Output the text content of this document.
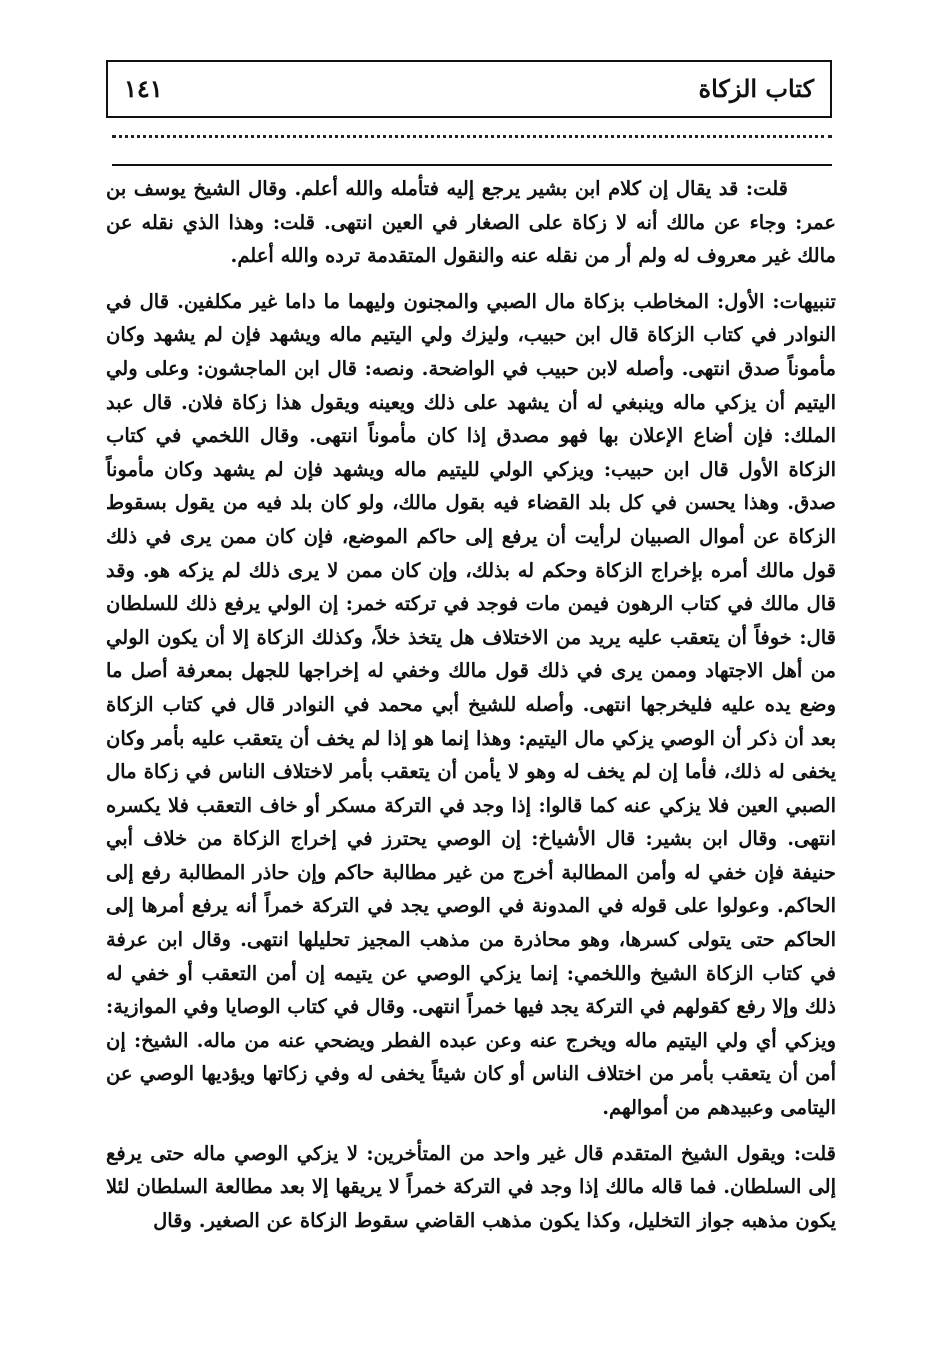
كتاب الزكاة
١٤١

قلت: قد يقال إن كلام ابن بشير يرجع إليه فتأمله والله أعلم. وقال الشيخ يوسف بن عمر: وجاء عن مالك أنه لا زكاة على الصغار في العين انتهى. قلت: وهذا الذي نقله عن مالك غير معروف له ولم أر من نقله عنه والنقول المتقدمة ترده والله أعلم.

تنبيهات: الأول: المخاطب بزكاة مال الصبي والمجنون وليهما ما داما غير مكلفين. قال في النوادر في كتاب الزكاة قال ابن حبيب، وليزك ولي اليتيم ماله ويشهد فإن لم يشهد وكان مأموناً صدق انتهى. وأصله لابن حبيب في الواضحة. ونصه: قال ابن الماجشون: وعلى ولي اليتيم أن يزكي ماله وينبغي له أن يشهد على ذلك ويعينه ويقول هذا زكاة فلان. قال عبد الملك: فإن أضاع الإعلان بها فهو مصدق إذا كان مأموناً انتهى. وقال اللخمي في كتاب الزكاة الأول قال ابن حبيب: ويزكي الولي لليتيم ماله ويشهد فإن لم يشهد وكان مأموناً صدق. وهذا يحسن في كل بلد القضاء فيه بقول مالك، ولو كان بلد فيه من يقول بسقوط الزكاة عن أموال الصبيان لرأيت أن يرفع إلى حاكم الموضع، فإن كان ممن يرى في ذلك قول مالك أمره بإخراج الزكاة وحكم له بذلك، وإن كان ممن لا يرى ذلك لم يزكه هو. وقد قال مالك في كتاب الرهون فيمن مات فوجد في تركته خمر: إن الولي يرفع ذلك للسلطان قال: خوفاً أن يتعقب عليه يريد من الاختلاف هل يتخذ خلاً، وكذلك الزكاة إلا أن يكون الولي من أهل الاجتهاد وممن يرى في ذلك قول مالك وخفي له إخراجها للجهل بمعرفة أصل ما وضع يده عليه فليخرجها انتهى. وأصله للشيخ أبي محمد في النوادر قال في كتاب الزكاة بعد أن ذكر أن الوصي يزكي مال اليتيم: وهذا إنما هو إذا لم يخف أن يتعقب عليه بأمر وكان يخفى له ذلك، فأما إن لم يخف له وهو لا يأمن أن يتعقب بأمر لاختلاف الناس في زكاة مال الصبي العين فلا يزكي عنه كما قالوا: إذا وجد في التركة مسكر أو خاف التعقب فلا يكسره انتهى. وقال ابن بشير: قال الأشياخ: إن الوصي يحترز في إخراج الزكاة من خلاف أبي حنيفة فإن خفي له وأمن المطالبة أخرج من غير مطالبة حاكم وإن حاذر المطالبة رفع إلى الحاكم. وعولوا على قوله في المدونة في الوصي يجد في التركة خمراً أنه يرفع أمرها إلى الحاكم حتى يتولى كسرها، وهو محاذرة من مذهب المجيز تحليلها انتهى. وقال ابن عرفة في كتاب الزكاة الشيخ واللخمي: إنما يزكي الوصي عن يتيمه إن أمن التعقب أو خفي له ذلك وإلا رفع كقولهم في التركة يجد فيها خمراً انتهى. وقال في كتاب الوصايا وفي الموازية: ويزكي أي ولي اليتيم ماله ويخرج عنه وعن عبده الفطر ويضحي عنه من ماله. الشيخ: إن أمن أن يتعقب بأمر من اختلاف الناس أو كان شيئاً يخفى له وفي زكاتها ويؤديها الوصي عن اليتامى وعبيدهم من أموالهم.

قلت: ويقول الشيخ المتقدم قال غير واحد من المتأخرين: لا يزكي الوصي ماله حتى يرفع إلى السلطان. فما قاله مالك إذا وجد في التركة خمراً لا يريقها إلا بعد مطالعة السلطان لئلا يكون مذهبه جواز التخليل، وكذا يكون مذهب القاضي سقوط الزكاة عن الصغير. وقال
